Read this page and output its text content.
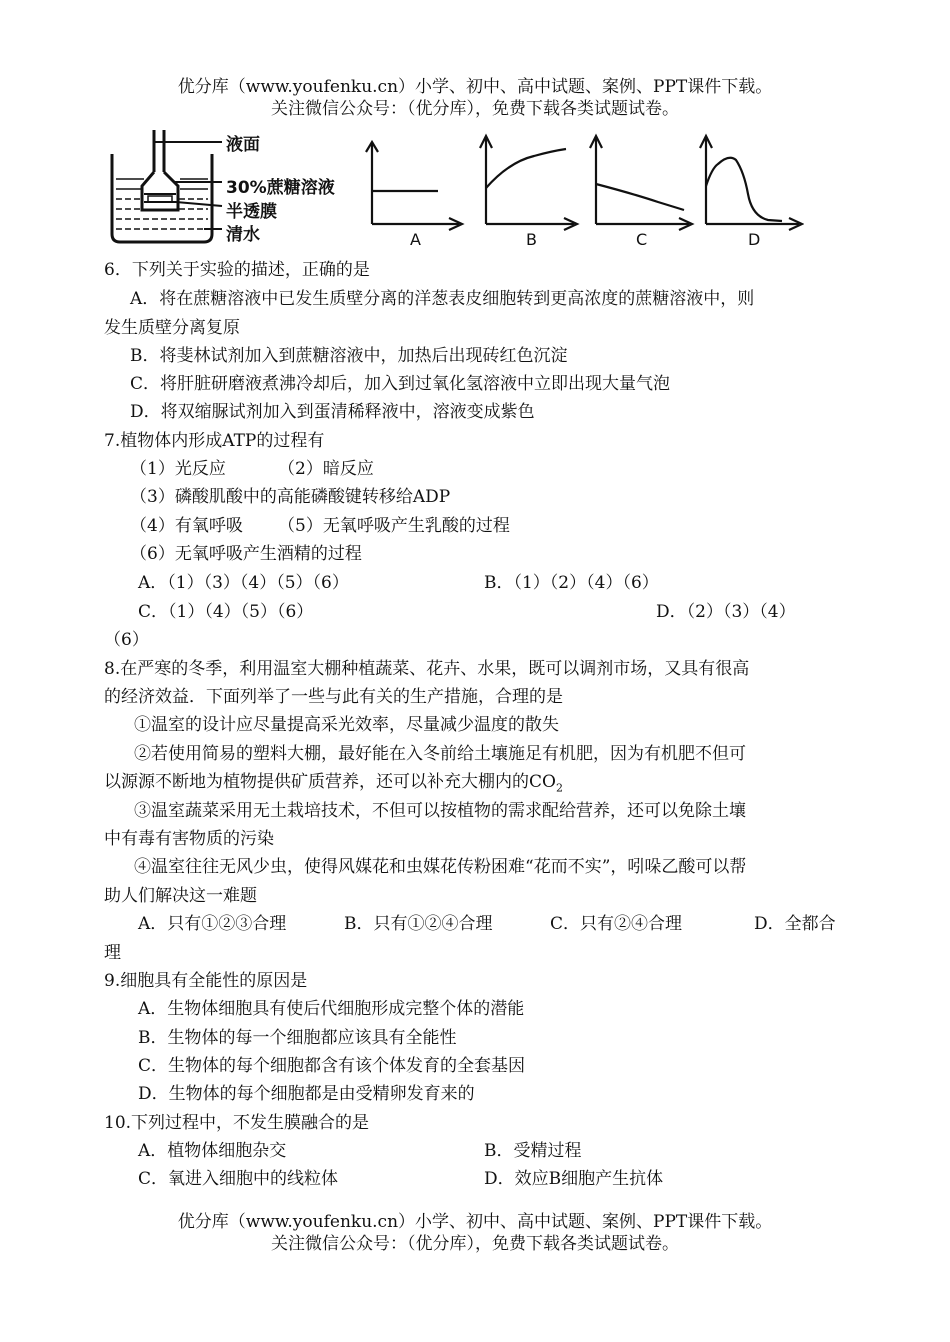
优分库（www.youfenku.cn）小学、初中、高中试题、案例、PPT课件下载。
关注微信公众号：（优分库），免费下载各类试题试卷。
液面
30%蔗糖溶液
半透膜
清水	A	B	C	D
6．下列关于实验的描述，正确的是
A．将在蔗糖溶液中已发生质壁分离的洋葱表皮细胞转到更高浓度的蔗糖溶液中，则
发生质壁分离复原
B．将斐林试剂加入到蔗糖溶液中，加热后出现砖红色沉淀
C．将肝脏研磨液煮沸冷却后，加入到过氧化氢溶液中立即出现大量气泡
D．将双缩脲试剂加入到蛋清稀释液中，溶液变成紫色
7.植物体内形成ATP的过程有
（1）光反应	（2）暗反应
（3）磷酸肌酸中的高能磷酸键转移给ADP
（4）有氧呼吸 （5）无氧呼吸产生乳酸的过程
（6）无氧呼吸产生酒精的过程
A．（1）（3）（4）（5）（6）	B．（1）（2）（4）（6）
C．（1）（4）（5）（6）	D．（2）（3）（4）
（6）
8.在严寒的冬季，利用温室大棚种植蔬菜、花卉、水果，既可以调剂市场，又具有很高
的经济效益．下面列举了一些与此有关的生产措施，合理的是
①温室的设计应尽量提高采光效率，尽量减少温度的散失
②若使用简易的塑料大棚，最好能在入冬前给土壤施足有机肥，因为有机肥不但可
以源源不断地为植物提供矿质营养，还可以补充大棚内的$CO_2$
③温室蔬菜采用无土栽培技术，不但可以按植物的需求配给营养，还可以免除土壤
中有毒有害物质的污染
④温室往往无风少虫，使得风媒花和虫媒花传粉困难“花而不实”，吲哚乙酸可以帮
助人们解决这一难题
A．只有①②③合理	B．只有①②④合理	C．只有②④合理	D．全都合
理
9.细胞具有全能性的原因是
A．生物体细胞具有使后代细胞形成完整个体的潜能
B．生物体的每一个细胞都应该具有全能性
C．生物体的每个细胞都含有该个体发育的全套基因
D．生物体的每个细胞都是由受精卵发育来的
10.下列过程中，不发生膜融合的是
A．植物体细胞杂交	B．受精过程
C．氧进入细胞中的线粒体	D．效应B细胞产生抗体
优分库（www.youfenku.cn）小学、初中、高中试题、案例、PPT课件下载。
关注微信公众号：（优分库），免费下载各类试题试卷。
